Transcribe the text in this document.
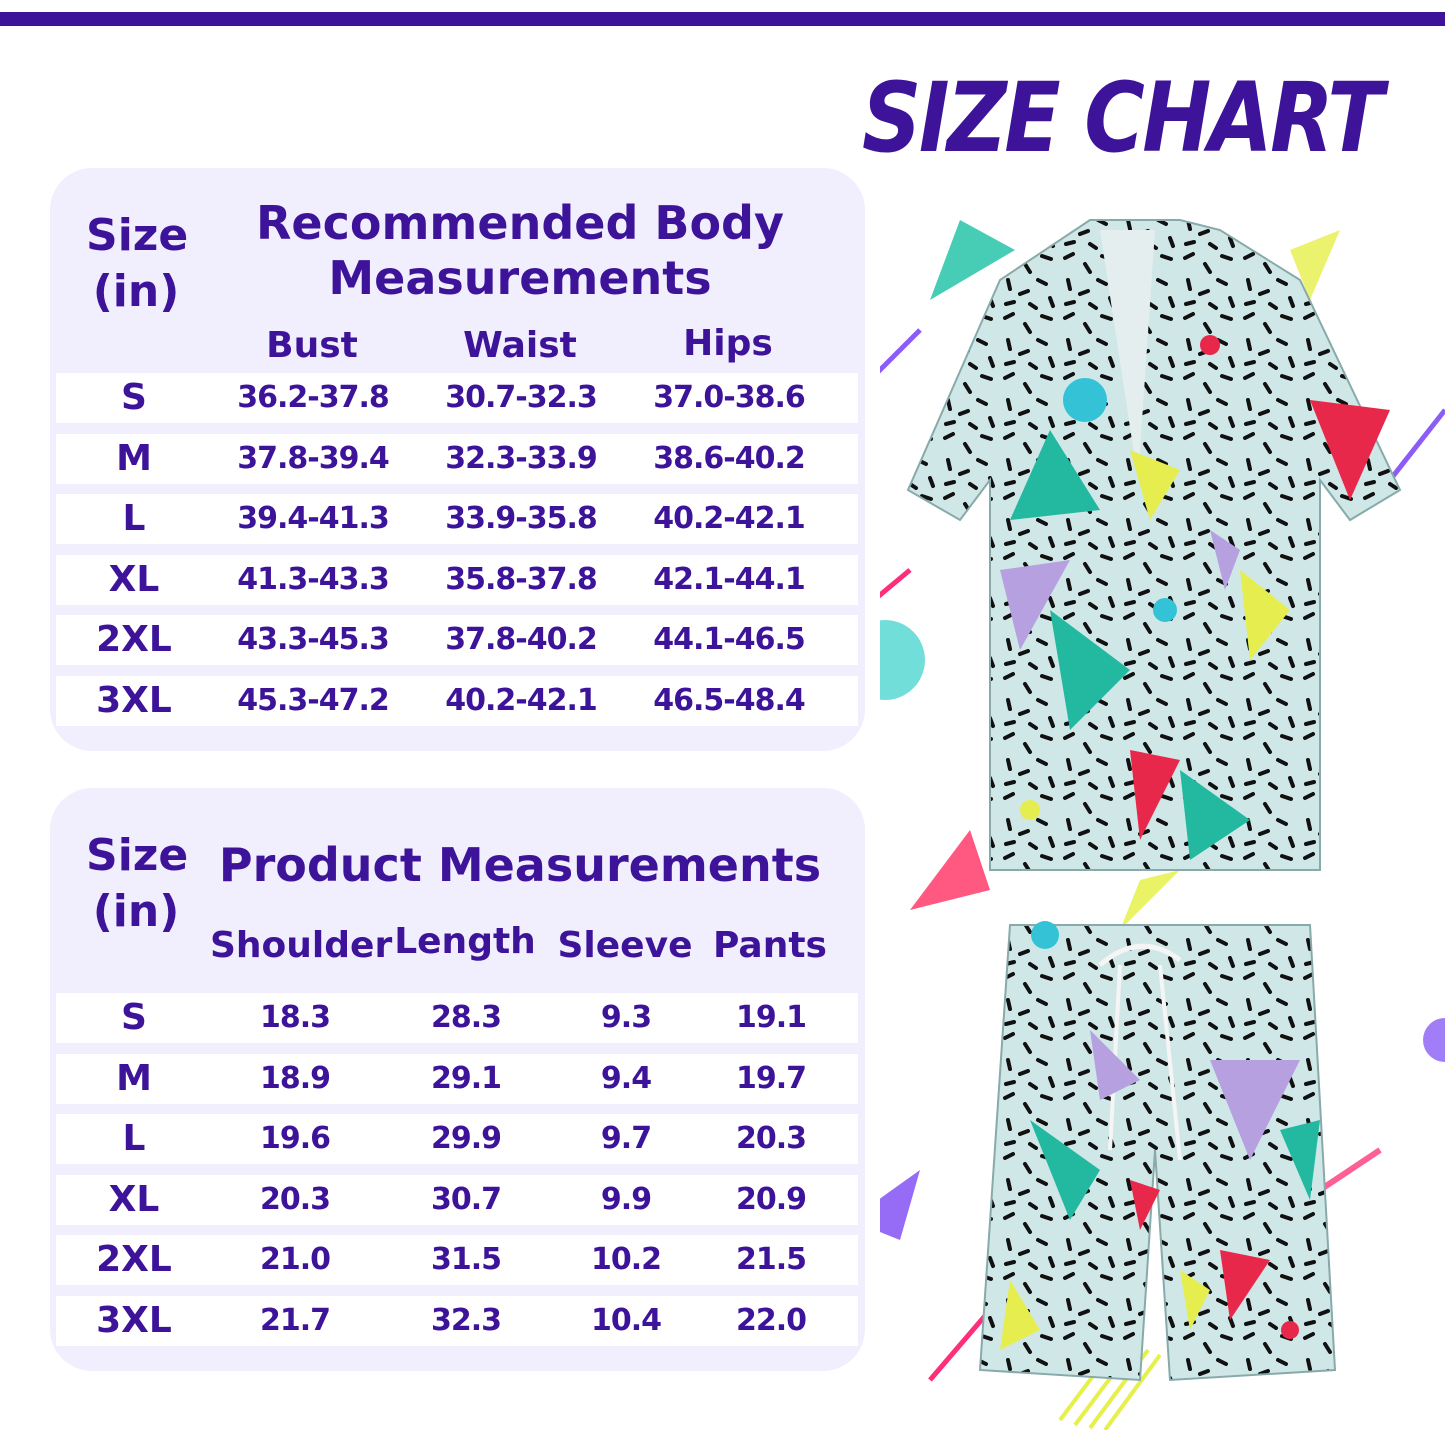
SIZE CHART
Size
(in)
Recommended Body
Measurements
Bust	Waist	Hips
S	36.2-37.8	30.7-32.3	37.0-38.6
M	37.8-39.4	32.3-33.9	38.6-40.2
L	39.4-41.3	33.9-35.8	40.2-42.1
XL	41.3-43.3	35.8-37.8	42.1-44.1
2XL	43.3-45.3	37.8-40.2	44.1-46.5
3XL	45.3-47.2	40.2-42.1	46.5-48.4
Size
(in)
Product Measurements
Shoulder Length Sleeve Pants
S	18.3	28.3	9.3	19.1
M	18.9	29.1	9.4	19.7
L	19.6	29.9	9.7	20.3
XL	20.3	30.7	9.9	20.9
2XL	21.0	31.5	10.2	21.5
3XL	21.7	32.3	10.4	22.0
